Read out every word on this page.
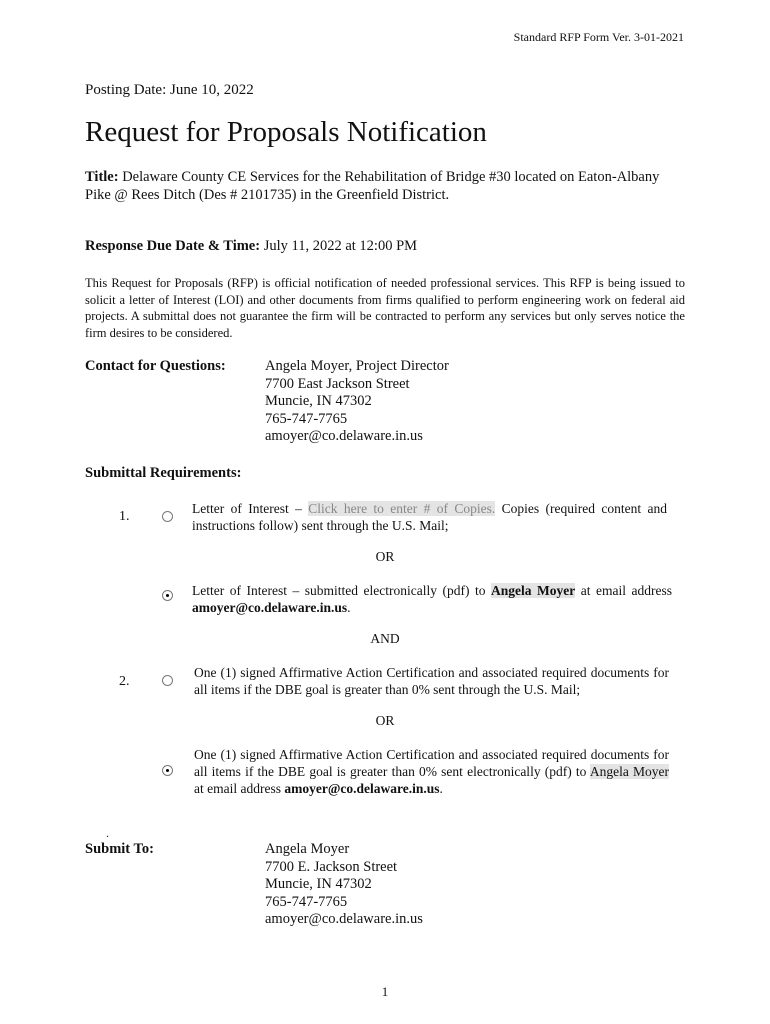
Standard RFP Form Ver. 3-01-2021
Posting Date: June 10, 2022
Request for Proposals Notification
Title: Delaware County CE Services for the Rehabilitation of Bridge #30 located on Eaton-Albany Pike @ Rees Ditch (Des # 2101735) in the Greenfield District.
Response Due Date & Time: July 11, 2022 at 12:00 PM
This Request for Proposals (RFP) is official notification of needed professional services. This RFP is being issued to solicit a letter of Interest (LOI) and other documents from firms qualified to perform engineering work on federal aid projects. A submittal does not guarantee the firm will be contracted to perform any services but only serves notice the firm desires to be considered.
Contact for Questions:	Angela Moyer, Project Director
7700 East Jackson Street
Muncie, IN 47302
765-747-7765
amoyer@co.delaware.in.us
Submittal Requirements:
1.
Letter of Interest – Click here to enter # of Copies. Copies (required content and instructions follow) sent through the U.S. Mail;
OR
Letter of Interest – submitted electronically (pdf) to Angela Moyer at email address amoyer@co.delaware.in.us.
AND
2.
One (1) signed Affirmative Action Certification and associated required documents for all items if the DBE goal is greater than 0% sent through the U.S. Mail;
OR
One (1) signed Affirmative Action Certification and associated required documents for all items if the DBE goal is greater than 0% sent electronically (pdf) to Angela Moyer at email address amoyer@co.delaware.in.us.
.
Submit To:	Angela Moyer
7700 E. Jackson Street
Muncie, IN 47302
765-747-7765
amoyer@co.delaware.in.us
1
